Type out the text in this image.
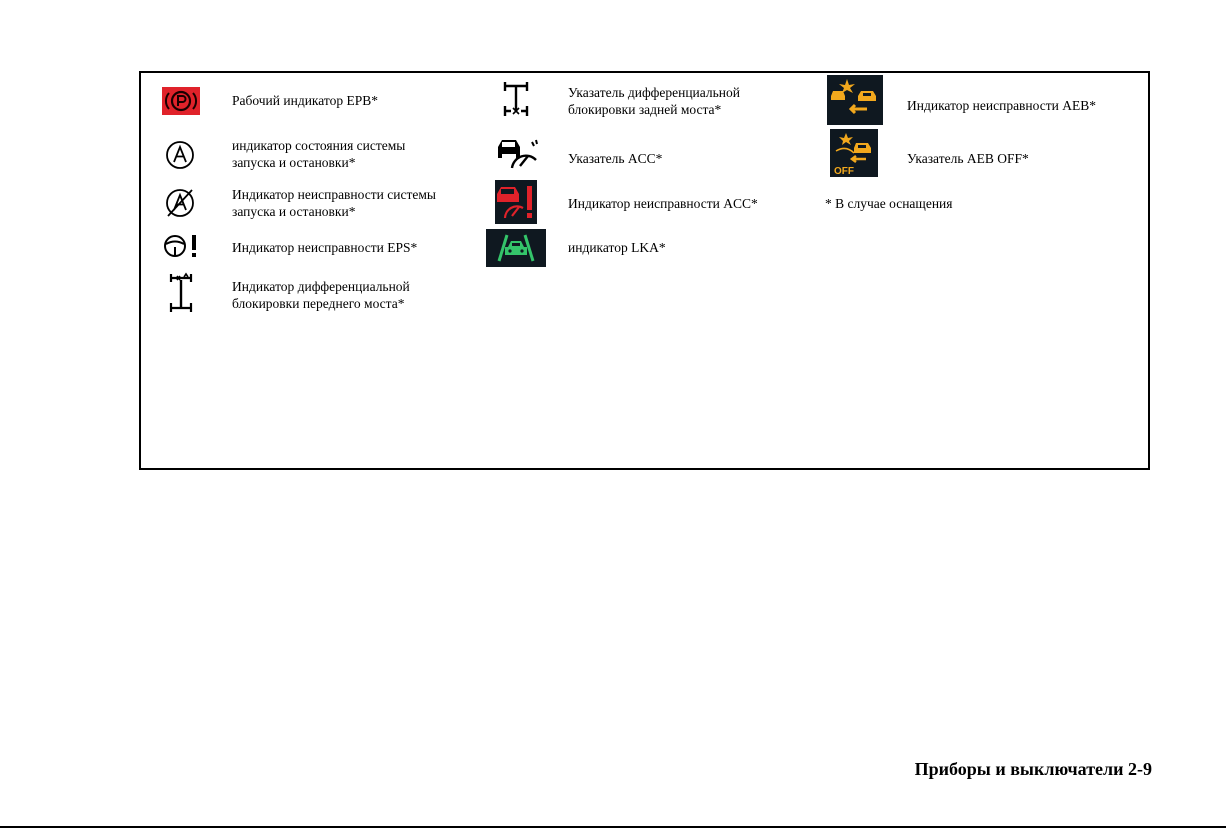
Рабочий индикатор EPB*
индикатор состояния системы
запуска и остановки*
Индикатор неисправности системы
запуска и остановки*
Индикатор неисправности EPS*
Индикатор дифференциальной
блокировки переднего моста*
Указатель дифференциальной
блокировки задней моста*
Указатель ACC*
Индикатор неисправности ACC*
индикатор LKA*
Индикатор неисправности AEB*
OFF
Указатель AEB OFF*
* В случае оснащения
Приборы и выключатели 2-9
